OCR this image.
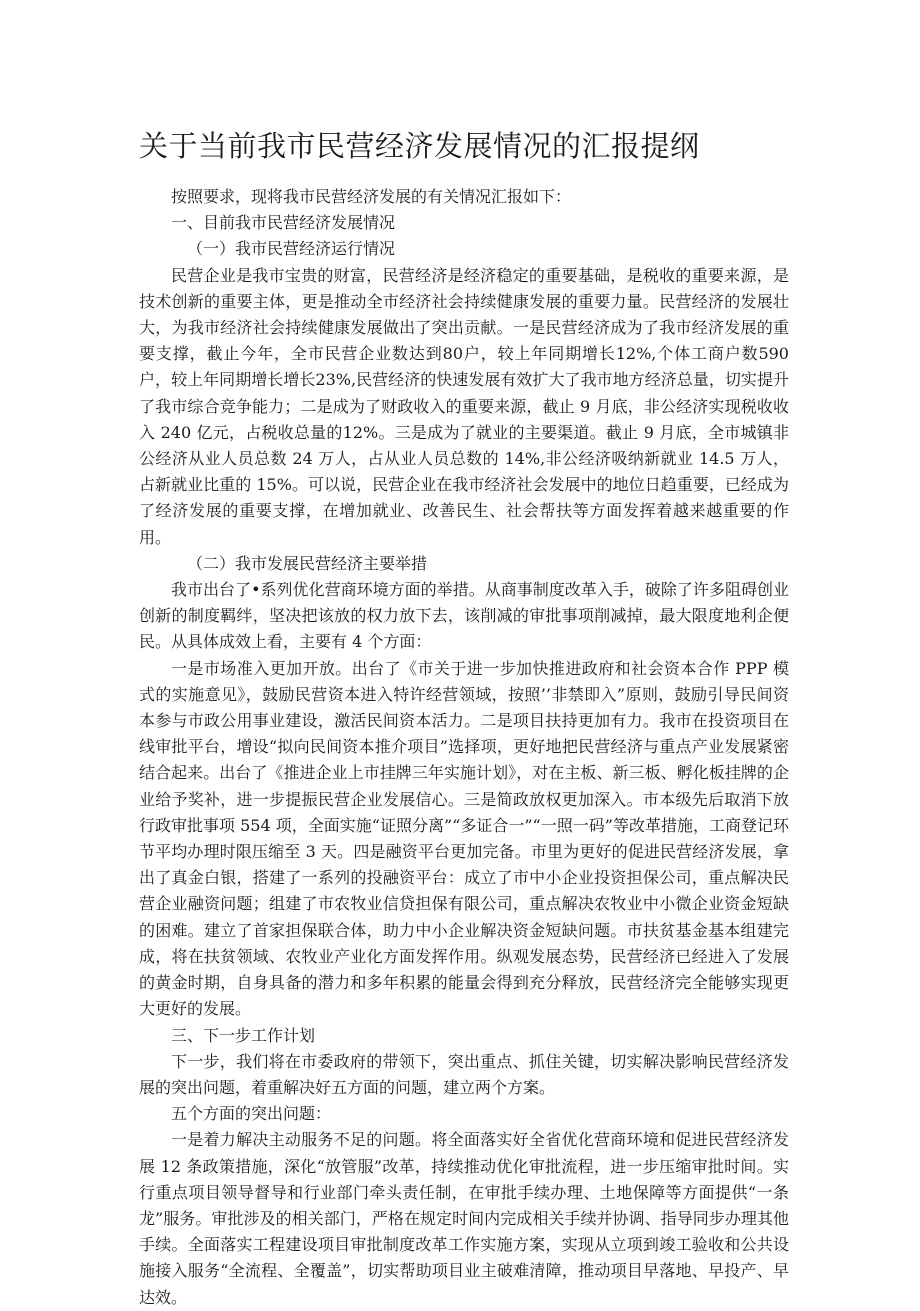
关于当前我市民营经济发展情况的汇报提纲

按照要求，现将我市民营经济发展的有关情况汇报如下：

一、目前我市民营经济发展情况

（一）我市民营经济运行情况

民营企业是我市宝贵的财富，民营经济是经济稳定的重要基础，是税收的重要来源，是技术创新的重要主体，更是推动全市经济社会持续健康发展的重要力量。民营经济的发展壮大，为我市经济社会持续健康发展做出了突出贡献。一是民营经济成为了我市经济发展的重要支撑，截止今年，全市民营企业数达到80户，较上年同期增长12%,个体工商户数590户，较上年同期增长增长23%,民营经济的快速发展有效扩大了我市地方经济总量，切实提升了我市综合竞争能力；二是成为了财政收入的重要来源，截止 9 月底，非公经济实现税收收入 240 亿元，占税收总量的12%。三是成为了就业的主要渠道。截止 9 月底，全市城镇非公经济从业人员总数 24 万人，占从业人员总数的 14%,非公经济吸纳新就业 14.5 万人，占新就业比重的 15%。可以说，民营企业在我市经济社会发展中的地位日趋重要，已经成为了经济发展的重要支撑，在增加就业、改善民生、社会帮扶等方面发挥着越来越重要的作用。

（二）我市发展民营经济主要举措

我市出台了•系列优化营商环境方面的举措。从商事制度改革入手，破除了许多阻碍创业创新的制度羁绊，坚决把该放的权力放下去，该削减的审批事项削减掉，最大限度地利企便民。从具体成效上看，主要有 4 个方面：

一是市场准入更加开放。出台了《市关于进一步加快推进政府和社会资本合作 PPP 模式的实施意见》，鼓励民营资本进入特许经营领域，按照’’非禁即入”原则，鼓励引导民间资本参与市政公用事业建设，激活民间资本活力。二是项目扶持更加有力。我市在投资项目在线审批平台，增设“拟向民间资本推介项目”选择项，更好地把民营经济与重点产业发展紧密结合起来。出台了《推进企业上市挂牌三年实施计划》，对在主板、新三板、孵化板挂牌的企业给予奖补，进一步提振民营企业发展信心。三是简政放权更加深入。市本级先后取消下放行政审批事项 554 项，全面实施“证照分离”“多证合一”“一照一码”等改革措施，工商登记环节平均办理时限压缩至 3 天。四是融资平台更加完备。市里为更好的促进民营经济发展，拿出了真金白银，搭建了一系列的投融资平台：成立了市中小企业投资担保公司，重点解决民营企业融资问题；组建了市农牧业信贷担保有限公司，重点解决农牧业中小微企业资金短缺的困难。建立了首家担保联合体，助力中小企业解决资金短缺问题。市扶贫基金基本组建完成，将在扶贫领域、农牧业产业化方面发挥作用。纵观发展态势，民营经济已经进入了发展的黄金时期，自身具备的潜力和多年积累的能量会得到充分释放，民营经济完全能够实现更大更好的发展。

三、下一步工作计划

下一步，我们将在市委政府的带领下，突出重点、抓住关键，切实解决影响民营经济发展的突出问题，着重解决好五方面的问题，建立两个方案。

五个方面的突出问题：

一是着力解决主动服务不足的问题。将全面落实好全省优化营商环境和促进民营经济发展 12 条政策措施，深化“放管服”改革，持续推动优化审批流程，进一步压缩审批时间。实行重点项目领导督导和行业部门牵头责任制，在审批手续办理、土地保障等方面提供“一条龙”服务。审批涉及的相关部门，严格在规定时间内完成相关手续并协调、指导同步办理其他手续。全面落实工程建设项目审批制度改革工作实施方案，实现从立项到竣工验收和公共设施接入服务“全流程、全覆盖”，切实帮助项目业主破难清障，推动项目早落地、早投产、早达效。
